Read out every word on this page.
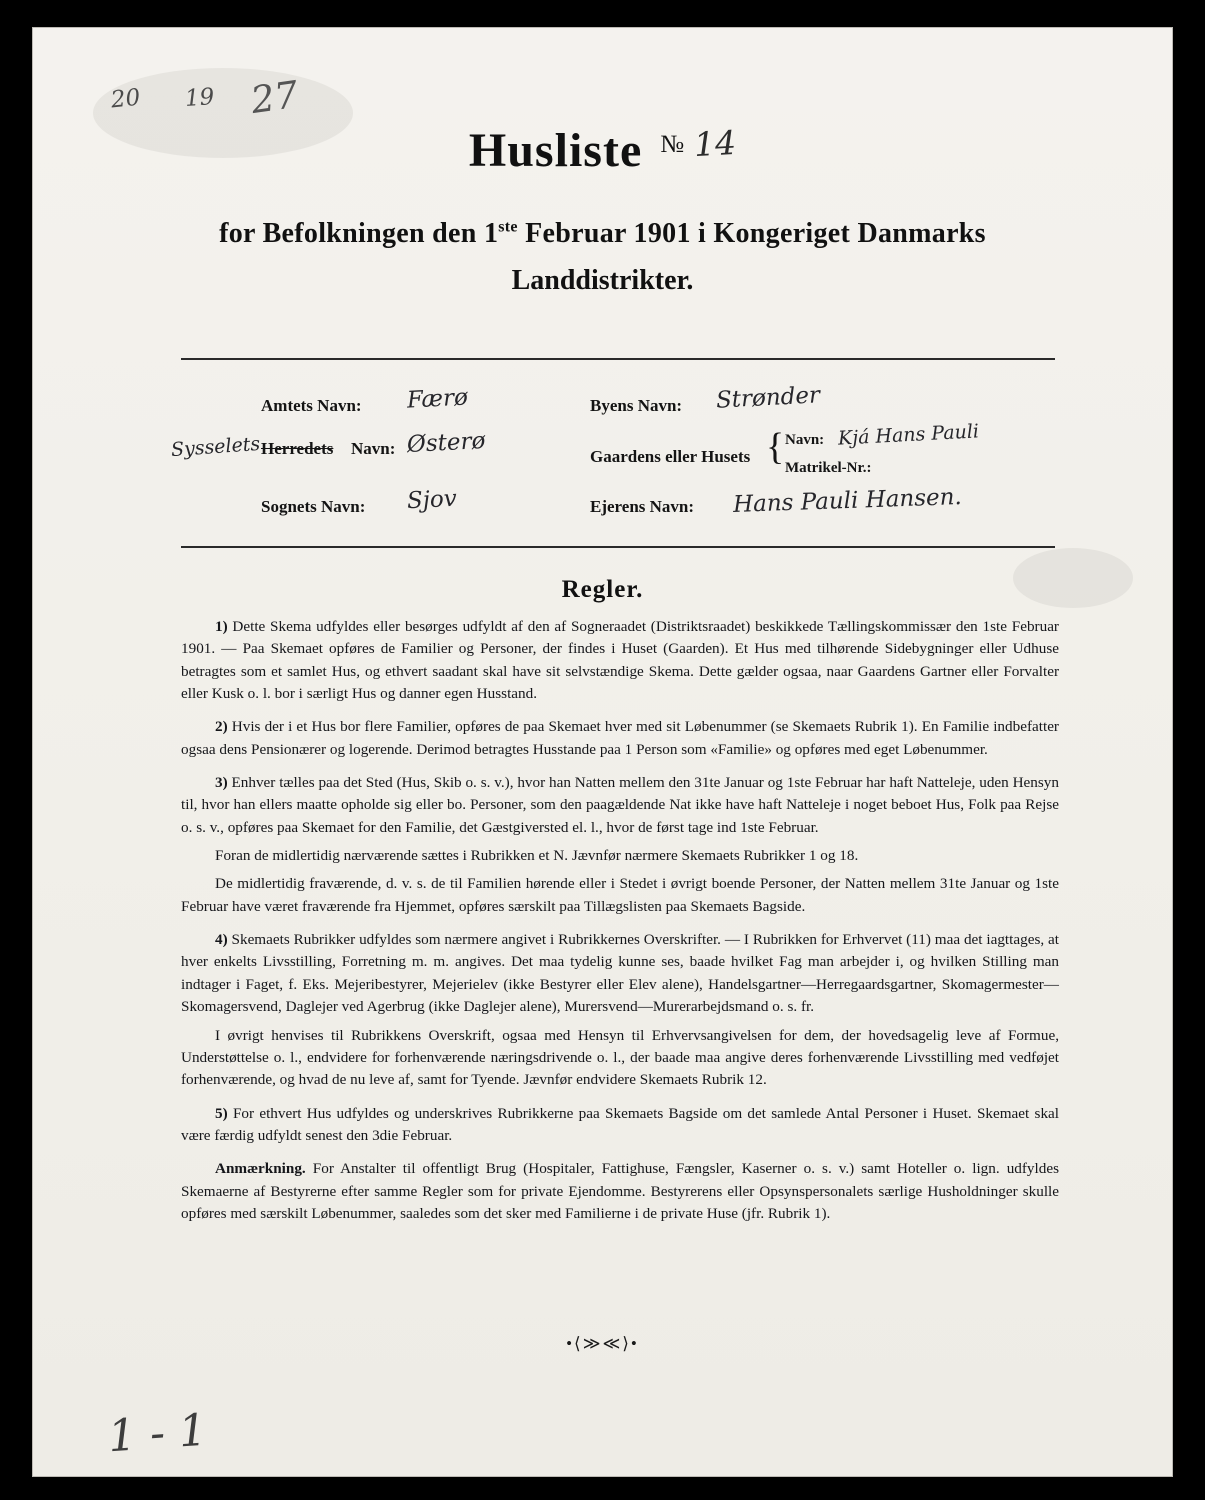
20 19 27
1 - 1
Husliste № 14
for Befolkningen den 1ste Februar 1901 i Kongeriget Danmarks
Landdistrikter.
Amtets Navn: Færø
Sysselets Herredets Navn: Østerø
Sognets Navn: Sjov
Byens Navn: Strønder
Gaardens eller Husets { Navn: Kjá Hans Pauli
Matrikel-Nr.:
Ejerens Navn: Hans Pauli Hansen.
Regler.

1) Dette Skema udfyldes eller besørges udfyldt af den af Sogneraadet (Distriktsraadet) beskikkede Tællingskommissær den 1ste Februar 1901. — Paa Skemaet opføres de Familier og Personer, der findes i Huset (Gaarden). Et Hus med tilhørende Sidebygninger eller Udhuse betragtes som et samlet Hus, og ethvert saadant skal have sit selvstændige Skema. Dette gælder ogsaa, naar Gaardens Gartner eller Forvalter eller Kusk o. l. bor i særligt Hus og danner egen Husstand.

2) Hvis der i et Hus bor flere Familier, opføres de paa Skemaet hver med sit Løbenummer (se Skemaets Rubrik 1). En Familie indbefatter ogsaa dens Pensionærer og logerende. Derimod betragtes Husstande paa 1 Person som «Familie» og opføres med eget Løbenummer.

3) Enhver tælles paa det Sted (Hus, Skib o. s. v.), hvor han Natten mellem den 31te Januar og 1ste Februar har haft Natteleje, uden Hensyn til, hvor han ellers maatte opholde sig eller bo. Personer, som den paagældende Nat ikke have haft Natteleje i noget beboet Hus, Folk paa Rejse o. s. v., opføres paa Skemaet for den Familie, det Gæstgiversted el. l., hvor de først tage ind 1ste Februar.

Foran de midlertidig nærværende sættes i Rubrikken et N. Jævnfør nærmere Skemaets Rubrikker 1 og 18.

De midlertidig fraværende, d. v. s. de til Familien hørende eller i Stedet i øvrigt boende Personer, der Natten mellem 31te Januar og 1ste Februar have været fraværende fra Hjemmet, opføres særskilt paa Tillægslisten paa Skemaets Bagside.

4) Skemaets Rubrikker udfyldes som nærmere angivet i Rubrikkernes Overskrifter. — I Rubrikken for Erhvervet (11) maa det iagttages, at hver enkelts Livsstilling, Forretning m. m. angives. Det maa tydelig kunne ses, baade hvilket Fag man arbejder i, og hvilken Stilling man indtager i Faget, f. Eks. Mejeribestyrer, Mejerielev (ikke Bestyrer eller Elev alene), Handelsgartner—Herregaardsgartner, Skomagermester—Skomagersvend, Daglejer ved Agerbrug (ikke Daglejer alene), Murersvend—Murerarbejdsmand o. s. fr.

I øvrigt henvises til Rubrikkens Overskrift, ogsaa med Hensyn til Erhvervsangivelsen for dem, der hovedsagelig leve af Formue, Understøttelse o. l., endvidere for forhenværende næringsdrivende o. l., der baade maa angive deres forhenværende Livsstilling med vedføjet forhenværende, og hvad de nu leve af, samt for Tyende. Jævnfør endvidere Skemaets Rubrik 12.

5) For ethvert Hus udfyldes og underskrives Rubrikkerne paa Skemaets Bagside om det samlede Antal Personer i Huset. Skemaet skal være færdig udfyldt senest den 3die Februar.

Anmærkning. For Anstalter til offentligt Brug (Hospitaler, Fattighuse, Fængsler, Kaserner o. s. v.) samt Hoteller o. lign. udfyldes Skemaerne af Bestyrerne efter samme Regler som for private Ejendomme. Bestyrerens eller Opsynspersonalets særlige Husholdninger skulle opføres med særskilt Løbenummer, saaledes som det sker med Familierne i de private Huse (jfr. Rubrik 1).

•⟨≫≪⟩•
